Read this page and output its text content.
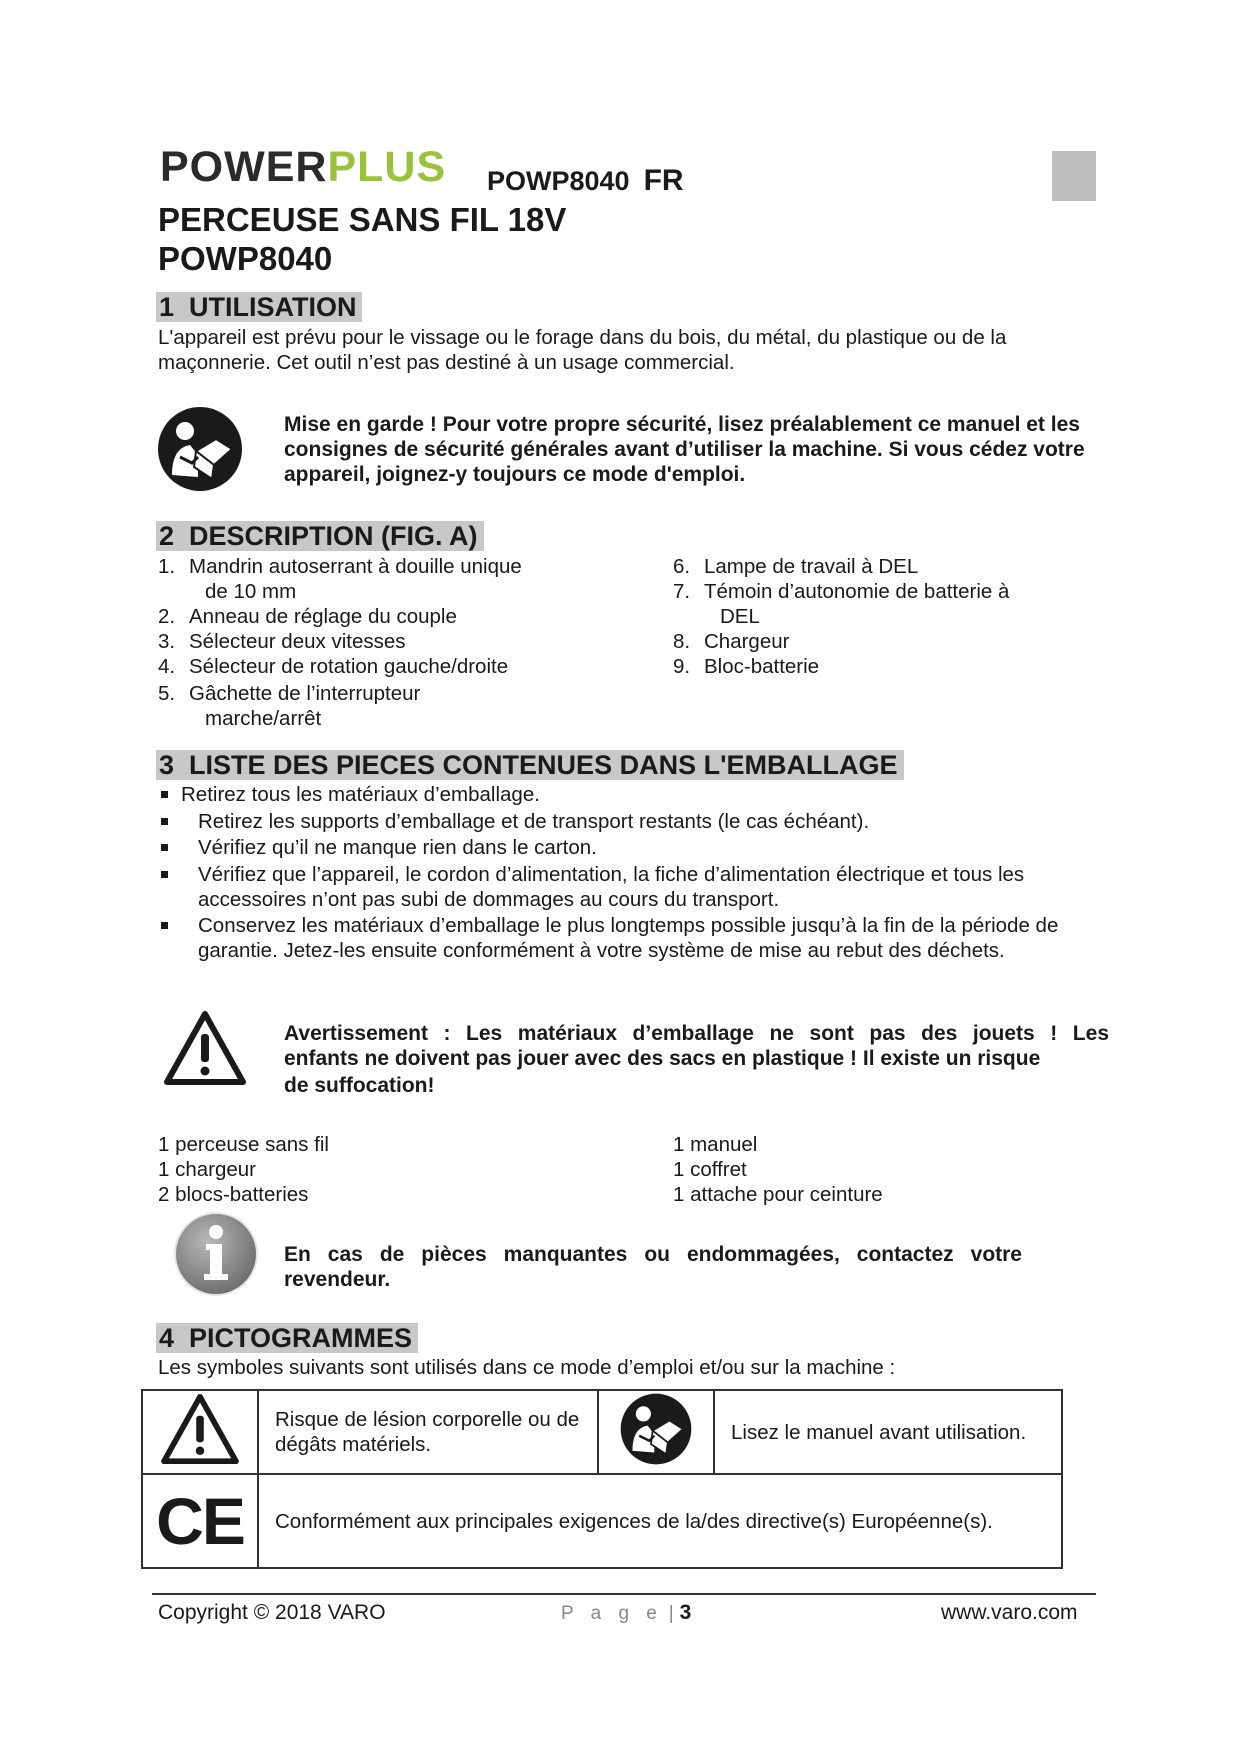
POWERPLUS POWP8040 FR
PERCEUSE SANS FIL 18V
POWP8040
1 UTILISATION

L'appareil est prévu pour le vissage ou le forage dans du bois, du métal, du plastique ou de la maçonnerie. Cet outil n’est pas destiné à un usage commercial.

Mise en garde ! Pour votre propre sécurité, lisez préalablement ce manuel et les consignes de sécurité générales avant d’utiliser la machine. Si vous cédez votre appareil, joignez-y toujours ce mode d'emploi.

2 DESCRIPTION (FIG. A)
1. Mandrin autoserrant à douille unique
de 10 mm
2. Anneau de réglage du couple
3. Sélecteur deux vitesses
4. Sélecteur de rotation gauche/droite
5. Gâchette de l’interrupteur
marche/arrêt
6. Lampe de travail à DEL
7. Témoin d’autonomie de batterie à
DEL
8. Chargeur
9. Bloc-batterie
3 LISTE DES PIECES CONTENUES DANS L'EMBALLAGE
Retirez tous les matériaux d’emballage.
Retirez les supports d’emballage et de transport restants (le cas échéant).
Vérifiez qu’il ne manque rien dans le carton.
Vérifiez que l’appareil, le cordon d’alimentation, la fiche d’alimentation électrique et tous les accessoires n’ont pas subi de dommages au cours du transport.
Conservez les matériaux d’emballage le plus longtemps possible jusqu’à la fin de la période de garantie. Jetez-les ensuite conformément à votre système de mise au rebut des déchets.
Avertissement : Les matériaux d’emballage ne sont pas des jouets ! Les
enfants ne doivent pas jouer avec des sacs en plastique ! Il existe un risque
de suffocation!
1 perceuse sans fil
1 chargeur
2 blocs-batteries
1 manuel
1 coffret
1 attache pour ceinture
En cas de pièces manquantes ou endommagées, contactez votre
revendeur.
4 PICTOGRAMMES

Les symboles suivants sont utilisés dans ce mode d’emploi et/ou sur la machine :

	Risque de lésion corporelle ou de dégâts matériels.		Lisez le manuel avant utilisation.
CE	Conformément aux principales exigences de la/des directive(s) Européenne(s).		
Copyright © 2018 VARO	P a g e |3	www.varo.com
